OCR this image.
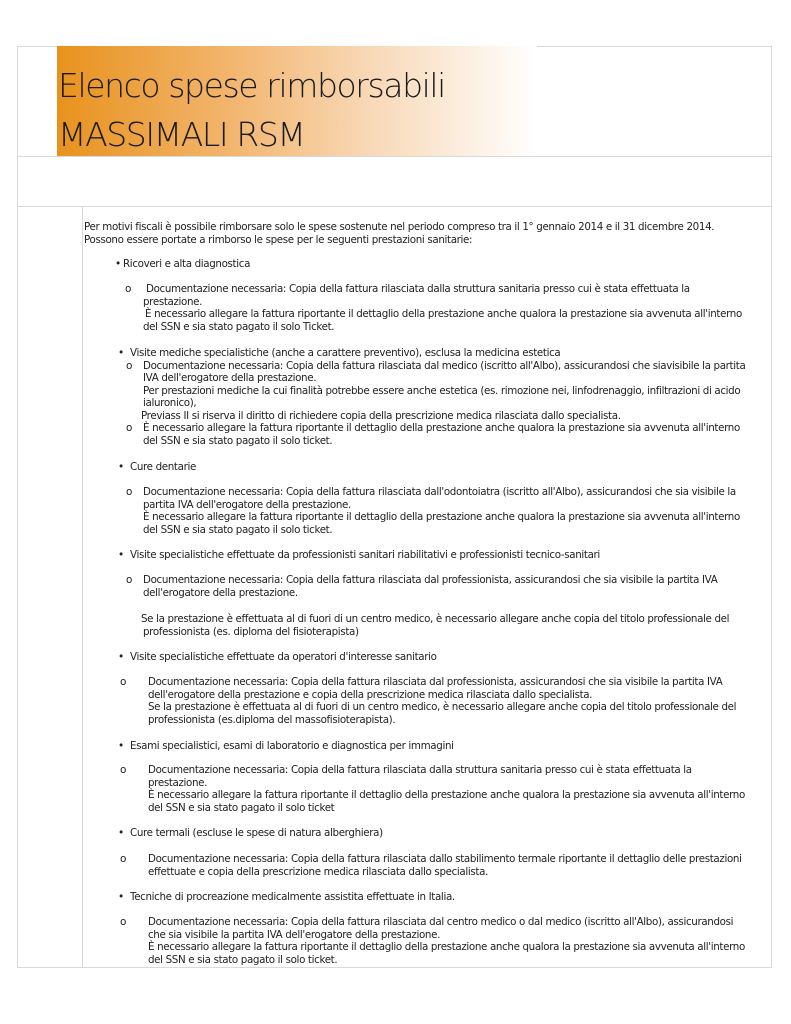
Elenco spese rimborsabili
MASSIMALI RSM
Per motivi fiscali è possibile rimborsare solo le spese sostenute nel periodo compreso tra il 1° gennaio 2014 e il 31 dicembre 2014.
Possono essere portate a rimborso le spese per le seguenti prestazioni sanitarie:
• Ricoveri e alta diagnostica
o Documentazione necessaria: Copia della fattura rilasciata dalla struttura sanitaria presso cui è stata effettuata la
prestazione.
È necessario allegare la fattura riportante il dettaglio della prestazione anche qualora la prestazione sia avvenuta all'interno
del SSN e sia stato pagato il solo Ticket.
• Visite mediche specialistiche (anche a carattere preventivo), esclusa la medicina estetica
o Documentazione necessaria: Copia della fattura rilasciata dal medico (iscritto all'Albo), assicurandosi che siavisibile la partita
IVA dell'erogatore della prestazione.
Per prestazioni mediche la cui finalità potrebbe essere anche estetica (es. rimozione nei, linfodrenaggio, infiltrazioni di acido
ialuronico),
Previass II si riserva il diritto di richiedere copia della prescrizione medica rilasciata dallo specialista.
o È necessario allegare la fattura riportante il dettaglio della prestazione anche qualora la prestazione sia avvenuta all'interno
del SSN e sia stato pagato il solo ticket.
• Cure dentarie
o Documentazione necessaria: Copia della fattura rilasciata dall'odontoiatra (iscritto all'Albo), assicurandosi che sia visibile la
partita IVA dell'erogatore della prestazione.
È necessario allegare la fattura riportante il dettaglio della prestazione anche qualora la prestazione sia avvenuta all'interno
del SSN e sia stato pagato il solo ticket.
• Visite specialistiche effettuate da professionisti sanitari riabilitativi e professionisti tecnico-sanitari
o Documentazione necessaria: Copia della fattura rilasciata dal professionista, assicurandosi che sia visibile la partita IVA
dell'erogatore della prestazione.
Se la prestazione è effettuata al di fuori di un centro medico, è necessario allegare anche copia del titolo professionale del
professionista (es. diploma del fisioterapista)
• Visite specialistiche effettuate da operatori d'interesse sanitario
o Documentazione necessaria: Copia della fattura rilasciata dal professionista, assicurandosi che sia visibile la partita IVA
dell'erogatore della prestazione e copia della prescrizione medica rilasciata dallo specialista.
Se la prestazione è effettuata al di fuori di un centro medico, è necessario allegare anche copia del titolo professionale del
professionista (es.diploma del massofisioterapista).
• Esami specialistici, esami di laboratorio e diagnostica per immagini
o Documentazione necessaria: Copia della fattura rilasciata dalla struttura sanitaria presso cui è stata effettuata la
prestazione.
È necessario allegare la fattura riportante il dettaglio della prestazione anche qualora la prestazione sia avvenuta all'interno
del SSN e sia stato pagato il solo ticket
• Cure termali (escluse le spese di natura alberghiera)
o Documentazione necessaria: Copia della fattura rilasciata dallo stabilimento termale riportante il dettaglio delle prestazioni
effettuate e copia della prescrizione medica rilasciata dallo specialista.
• Tecniche di procreazione medicalmente assistita effettuate in Italia.
o Documentazione necessaria: Copia della fattura rilasciata dal centro medico o dal medico (iscritto all'Albo), assicurandosi
che sia visibile la partita IVA dell'erogatore della prestazione.
È necessario allegare la fattura riportante il dettaglio della prestazione anche qualora la prestazione sia avvenuta all'interno
del SSN e sia stato pagato il solo ticket.
